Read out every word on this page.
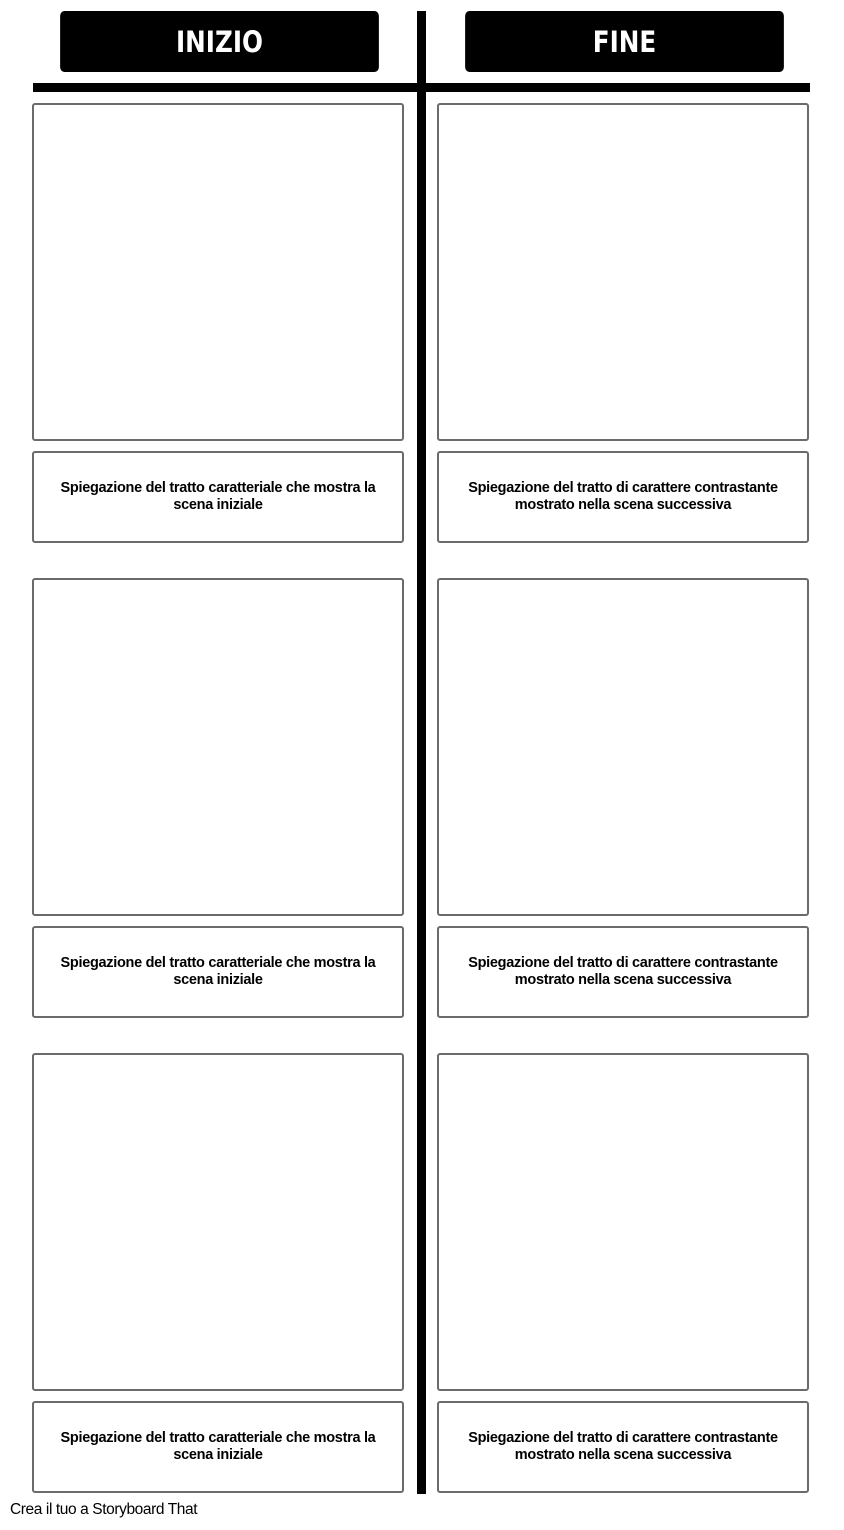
INIZIO	FINE
Spiegazione del tratto caratteriale che mostra la scena iniziale
Spiegazione del tratto di carattere contrastante mostrato nella scena successiva
Spiegazione del tratto caratteriale che mostra la scena iniziale
Spiegazione del tratto di carattere contrastante mostrato nella scena successiva
Spiegazione del tratto caratteriale che mostra la scena iniziale
Spiegazione del tratto di carattere contrastante mostrato nella scena successiva
Crea il tuo a Storyboard That
